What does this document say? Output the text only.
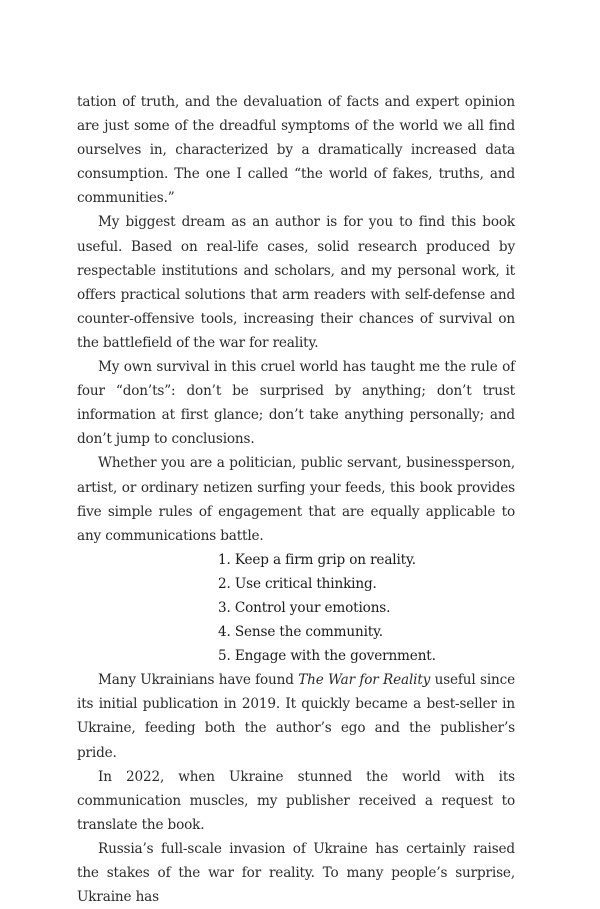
tation of truth, and the devaluation of facts and expert opinion are just some of the dreadful symptoms of the world we all find ourselves in, characterized by a dramatically increased data consumption. The one I called “the world of fakes, truths, and communities.”

My biggest dream as an author is for you to find this book useful. Based on real-life cases, solid research produced by respectable institutions and scholars, and my personal work, it offers practical solutions that arm readers with self-defense and counter-offensive tools, increasing their chances of survival on the battlefield of the war for reality.

My own survival in this cruel world has taught me the rule of four “don’ts”: don’t be surprised by anything; don’t trust information at first glance; don’t take anything personally; and don’t jump to conclusions.

Whether you are a politician, public servant, businessperson, artist, or ordinary netizen surfing your feeds, this book provides five simple rules of engagement that are equally applicable to any communications battle.

1. Keep a firm grip on reality.
2. Use critical thinking.
3. Control your emotions.
4. Sense the community.
5. Engage with the government.

Many Ukrainians have found The War for Reality useful since its initial publication in 2019. It quickly became a best-seller in Ukraine, feeding both the author’s ego and the publisher’s pride.

In 2022, when Ukraine stunned the world with its communication muscles, my publisher received a request to translate the book.

Russia’s full-scale invasion of Ukraine has certainly raised the stakes of the war for reality. To many people’s surprise, Ukraine has
